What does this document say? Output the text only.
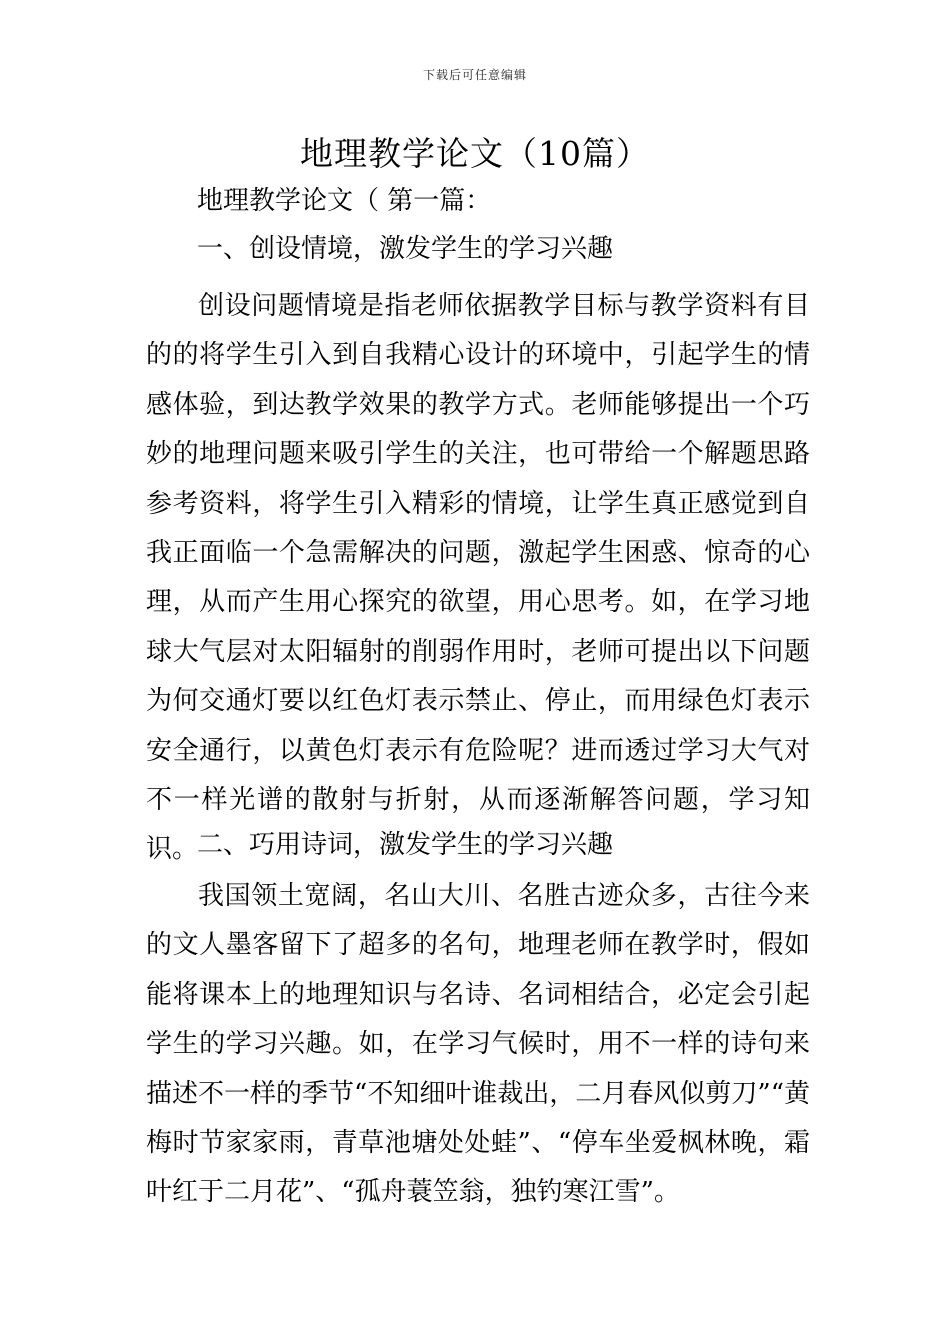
下载后可任意编辑
地理教学论文（10篇）
地理教学论文（ 第一篇：
一、创设情境，激发学生的学习兴趣
创设问题情境是指老师依据教学目标与教学资料有目的的将学生引入到自我精心设计的环境中，引起学生的情感体验，到达教学效果的教学方式。老师能够提出一个巧妙的地理问题来吸引学生的关注，也可带给一个解题思路参考资料，将学生引入精彩的情境，让学生真正感觉到自我正面临一个急需解决的问题，激起学生困惑、惊奇的心理，从而产生用心探究的欲望，用心思考。如，在学习地球大气层对太阳辐射的削弱作用时，老师可提出以下问题为何交通灯要以红色灯表示禁止、停止，而用绿色灯表示安全通行，以黄色灯表示有危险呢？进而透过学习大气对不一样光谱的散射与折射，从而逐渐解答问题，学习知识。
二、巧用诗词，激发学生的学习兴趣
我国领土宽阔，名山大川、名胜古迹众多，古往今来的文人墨客留下了超多的名句，地理老师在教学时，假如能将课本上的地理知识与名诗、名词相结合，必定会引起学生的学习兴趣。如，在学习气候时，用不一样的诗句来描述不一样的季节“不知细叶谁裁出，二月春风似剪刀”“黄梅时节家家雨，青草池塘处处蛙”、“停车坐爱枫林晚，霜叶红于二月花”、“孤舟蓑笠翁，独钓寒江雪”。
